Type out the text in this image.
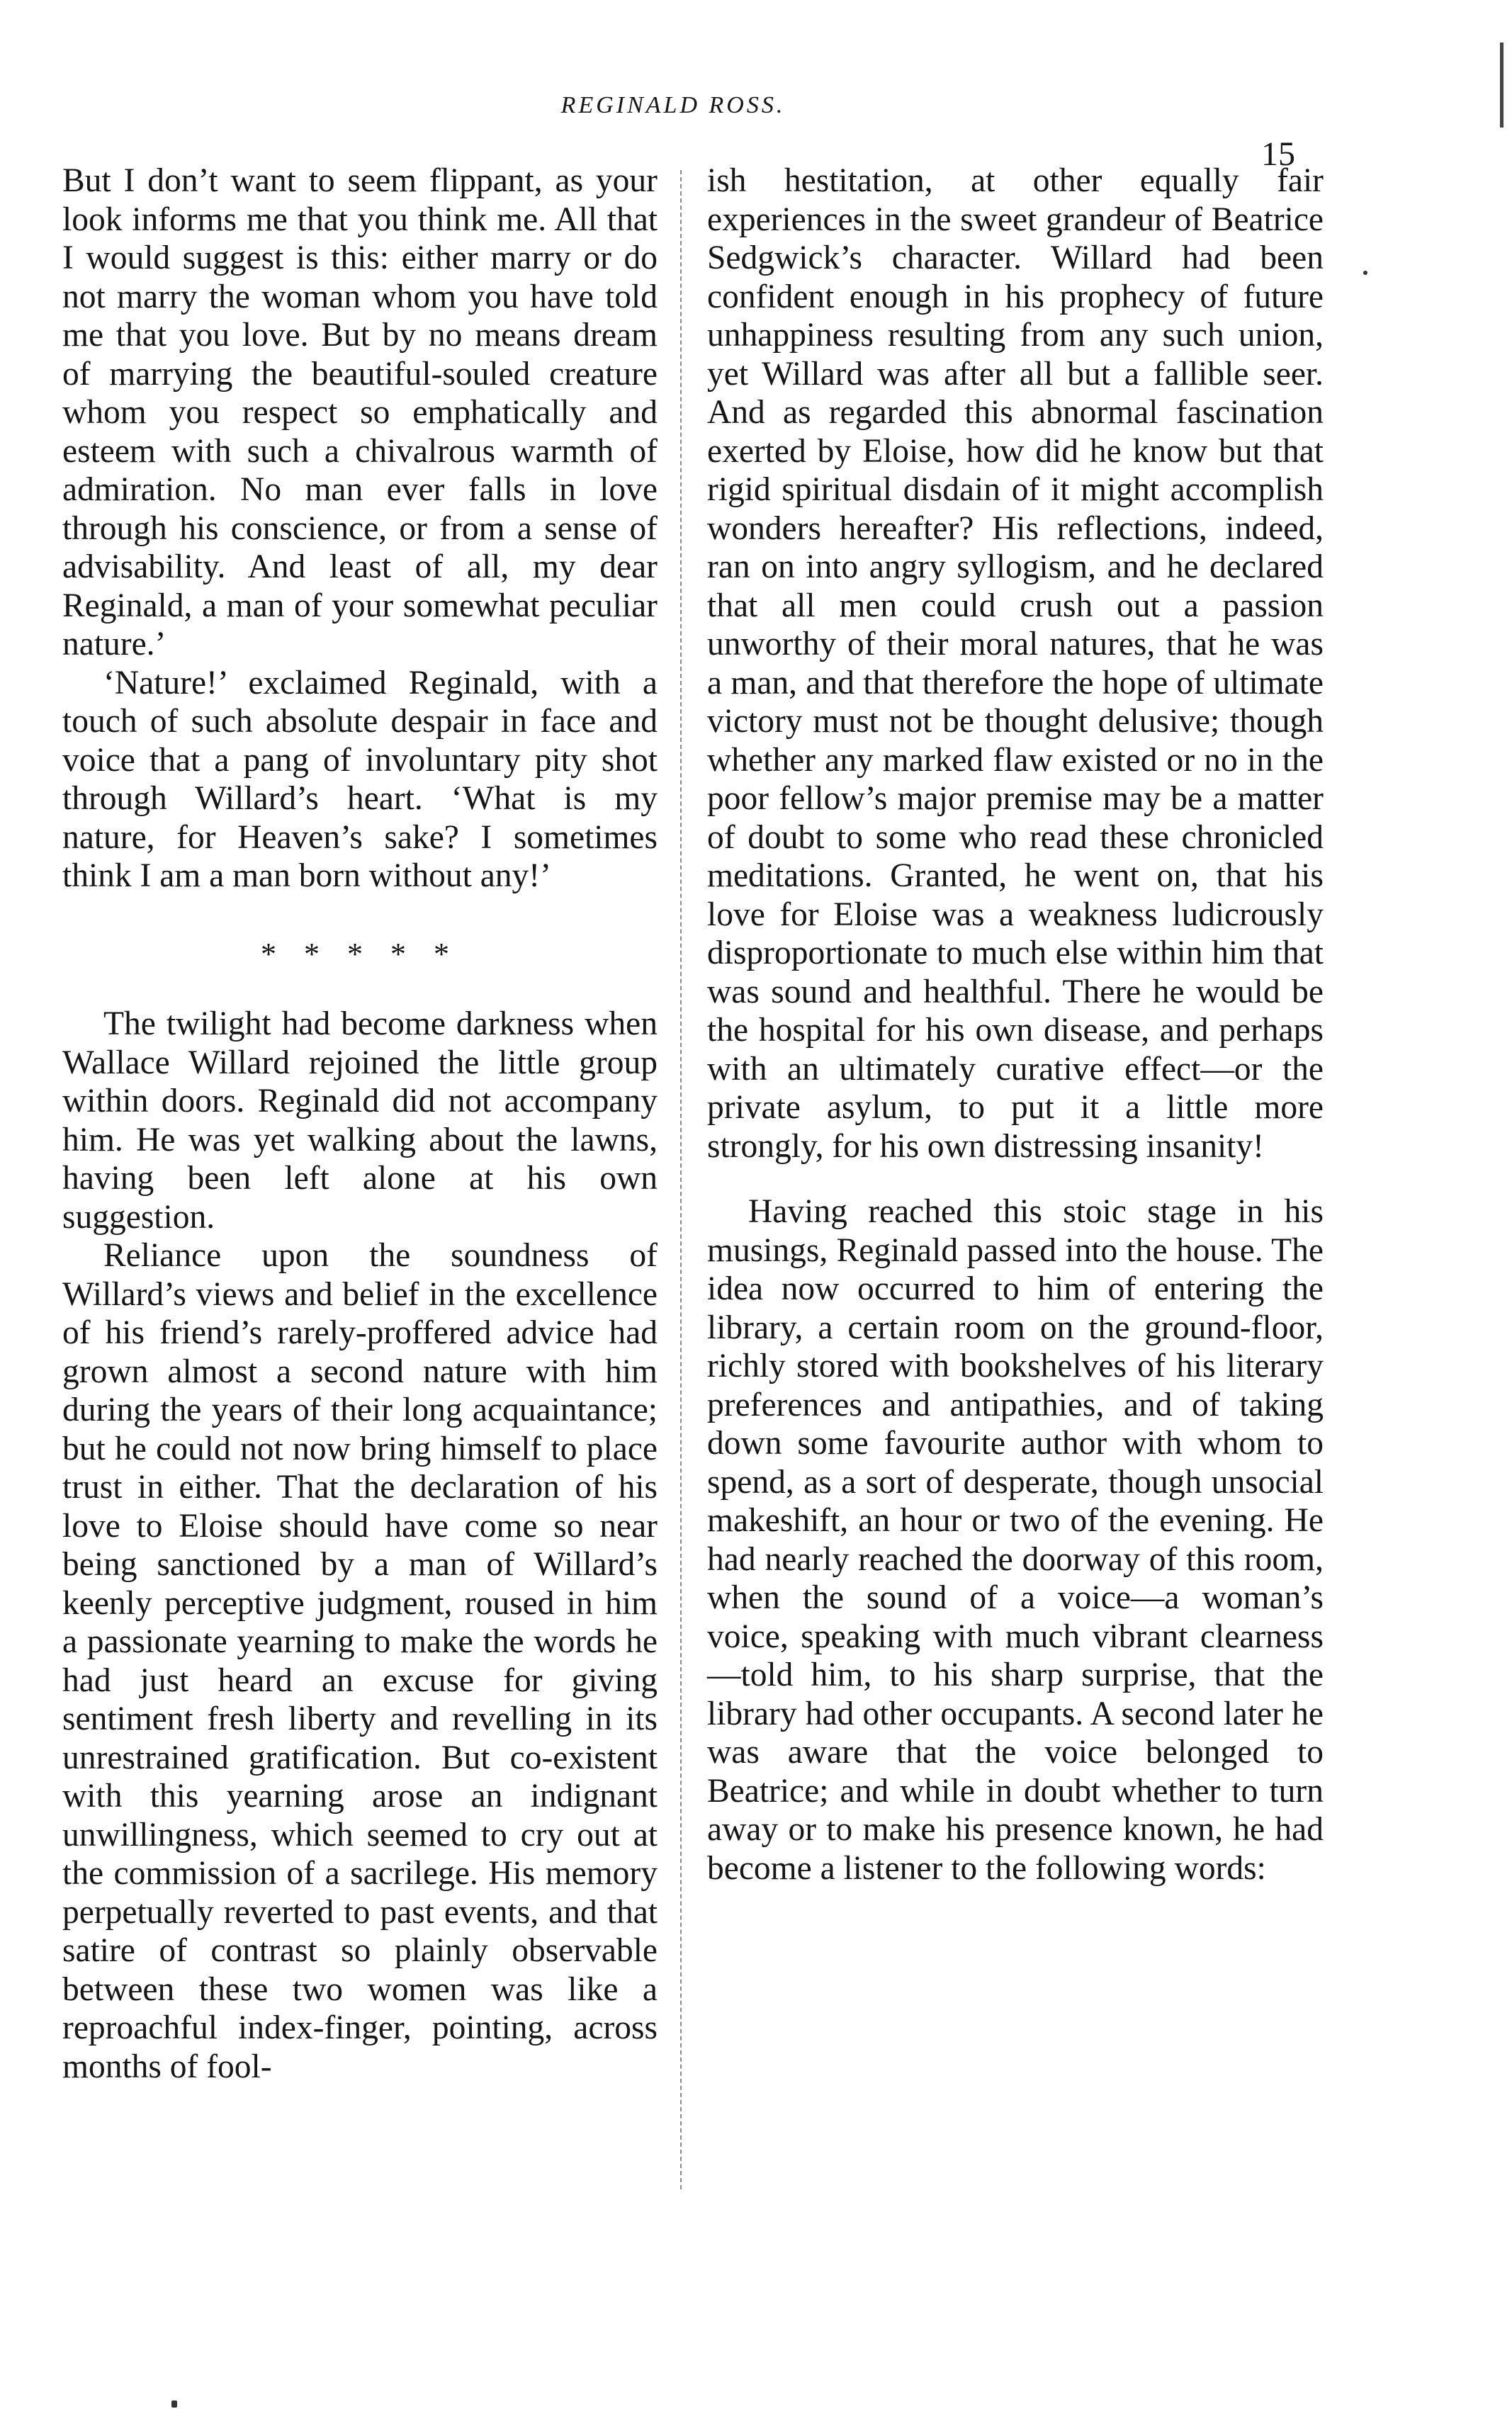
REGINALD ROSS.
15

But I don’t want to seem flippant, as your look informs me that you think me. All that I would suggest is this: either marry or do not marry the woman whom you have told me that you love. But by no means dream of marrying the beautiful-souled creature whom you respect so emphatically and esteem with such a chivalrous warmth of admiration. No man ever falls in love through his conscience, or from a sense of advisability. And least of all, my dear Reginald, a man of your somewhat peculiar nature.’

‘Nature!’ exclaimed Reginald, with a touch of such absolute despair in face and voice that a pang of involuntary pity shot through Willard’s heart. ‘What is my nature, for Heaven’s sake? I sometimes think I am a man born without any!’

* * * * *

The twilight had become darkness when Wallace Willard rejoined the little group within doors. Reginald did not accompany him. He was yet walking about the lawns, having been left alone at his own suggestion.

Reliance upon the soundness of Willard’s views and belief in the excellence of his friend’s rarely-proffered advice had grown almost a second nature with him during the years of their long acquaintance; but he could not now bring himself to place trust in either. That the declaration of his love to Eloise should have come so near being sanctioned by a man of Willard’s keenly perceptive judgment, roused in him a passionate yearning to make the words he had just heard an excuse for giving sentiment fresh liberty and revelling in its unrestrained gratification. But co-existent with this yearning arose an indignant unwillingness, which seemed to cry out at the commission of a sacrilege. His memory perpetually reverted to past events, and that satire of contrast so plainly observable between these two women was like a reproachful index-finger, pointing, across months of fool-

ish hestitation, at other equally fair experiences in the sweet grandeur of Beatrice Sedgwick’s character. Willard had been confident enough in his prophecy of future unhappiness resulting from any such union, yet Willard was after all but a fallible seer. And as regarded this abnormal fascination exerted by Eloise, how did he know but that rigid spiritual disdain of it might accomplish wonders hereafter? His reflections, indeed, ran on into angry syllogism, and he declared that all men could crush out a passion unworthy of their moral natures, that he was a man, and that therefore the hope of ultimate victory must not be thought delusive; though whether any marked flaw existed or no in the poor fellow’s major premise may be a matter of doubt to some who read these chronicled meditations. Granted, he went on, that his love for Eloise was a weakness ludicrously disproportionate to much else within him that was sound and healthful. There he would be the hospital for his own disease, and perhaps with an ultimately curative effect—or the private asylum, to put it a little more strongly, for his own distressing insanity!

Having reached this stoic stage in his musings, Reginald passed into the house. The idea now occurred to him of entering the library, a certain room on the ground-floor, richly stored with bookshelves of his literary preferences and antipathies, and of taking down some favourite author with whom to spend, as a sort of desperate, though unsocial makeshift, an hour or two of the evening. He had nearly reached the doorway of this room, when the sound of a voice—a woman’s voice, speaking with much vibrant clearness—told him, to his sharp surprise, that the library had other occupants. A second later he was aware that the voice belonged to Beatrice; and while in doubt whether to turn away or to make his presence known, he had become a listener to the following words:
